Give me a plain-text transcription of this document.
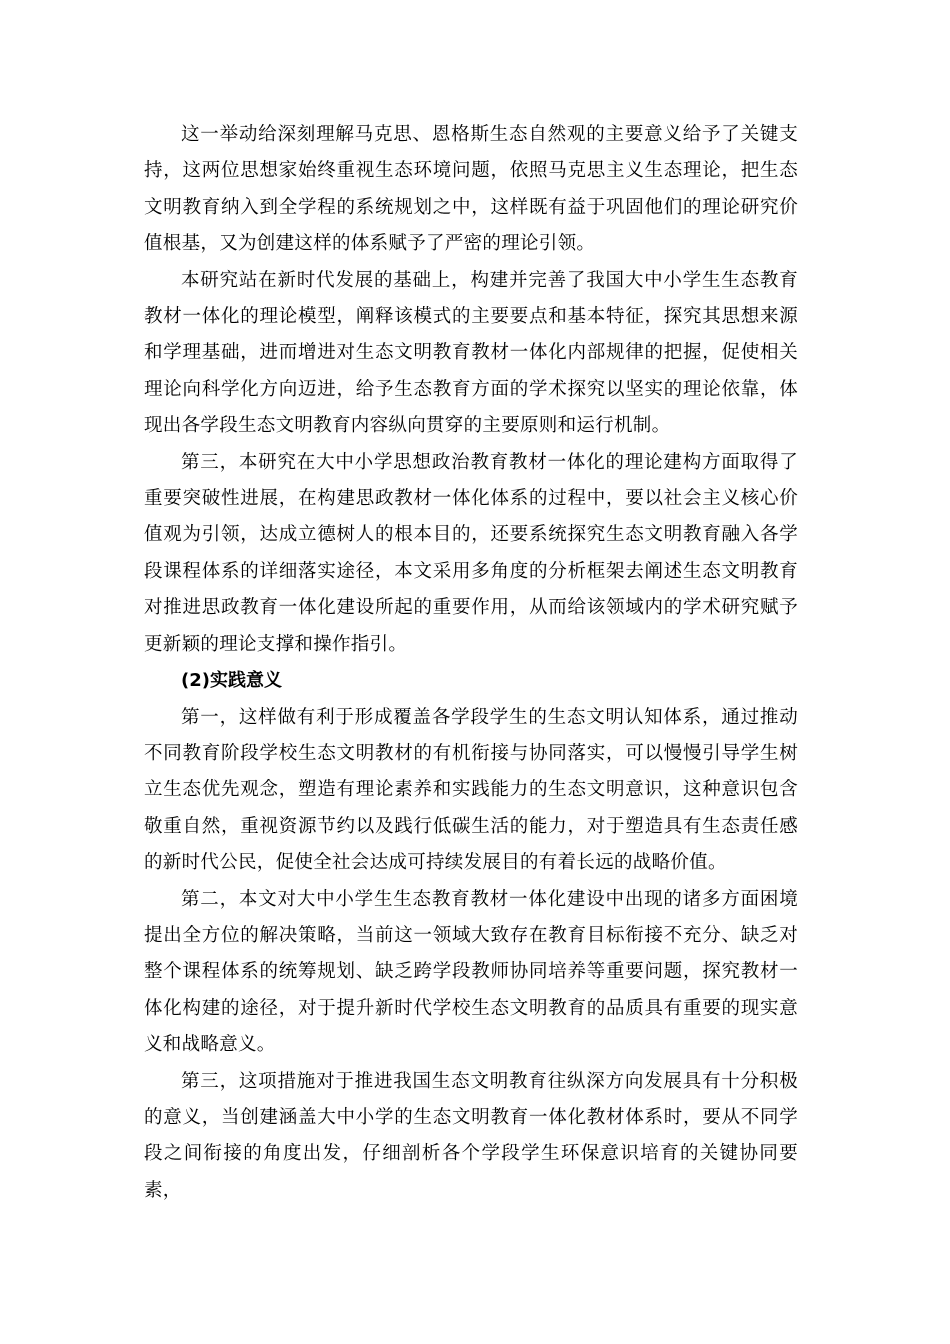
这一举动给深刻理解马克思、恩格斯生态自然观的主要意义给予了关键支持，这两位思想家始终重视生态环境问题，依照马克思主义生态理论，把生态文明教育纳入到全学程的系统规划之中，这样既有益于巩固他们的理论研究价值根基，又为创建这样的体系赋予了严密的理论引领。

本研究站在新时代发展的基础上，构建并完善了我国大中小学生生态教育教材一体化的理论模型，阐释该模式的主要要点和基本特征，探究其思想来源和学理基础，进而增进对生态文明教育教材一体化内部规律的把握，促使相关理论向科学化方向迈进，给予生态教育方面的学术探究以坚实的理论依靠，体现出各学段生态文明教育内容纵向贯穿的主要原则和运行机制。

第三，本研究在大中小学思想政治教育教材一体化的理论建构方面取得了重要突破性进展，在构建思政教材一体化体系的过程中，要以社会主义核心价值观为引领，达成立德树人的根本目的，还要系统探究生态文明教育融入各学段课程体系的详细落实途径，本文采用多角度的分析框架去阐述生态文明教育对推进思政教育一体化建设所起的重要作用，从而给该领域内的学术研究赋予更新颖的理论支撑和操作指引。

(2)实践意义

第一，这样做有利于形成覆盖各学段学生的生态文明认知体系，通过推动不同教育阶段学校生态文明教材的有机衔接与协同落实，可以慢慢引导学生树立生态优先观念，塑造有理论素养和实践能力的生态文明意识，这种意识包含敬重自然，重视资源节约以及践行低碳生活的能力，对于塑造具有生态责任感的新时代公民，促使全社会达成可持续发展目的有着长远的战略价值。

第二，本文对大中小学生生态教育教材一体化建设中出现的诸多方面困境提出全方位的解决策略，当前这一领域大致存在教育目标衔接不充分、缺乏对整个课程体系的统筹规划、缺乏跨学段教师协同培养等重要问题，探究教材一体化构建的途径，对于提升新时代学校生态文明教育的品质具有重要的现实意义和战略意义。

第三，这项措施对于推进我国生态文明教育往纵深方向发展具有十分积极的意义，当创建涵盖大中小学的生态文明教育一体化教材体系时，要从不同学段之间衔接的角度出发，仔细剖析各个学段学生环保意识培育的关键协同要素，
